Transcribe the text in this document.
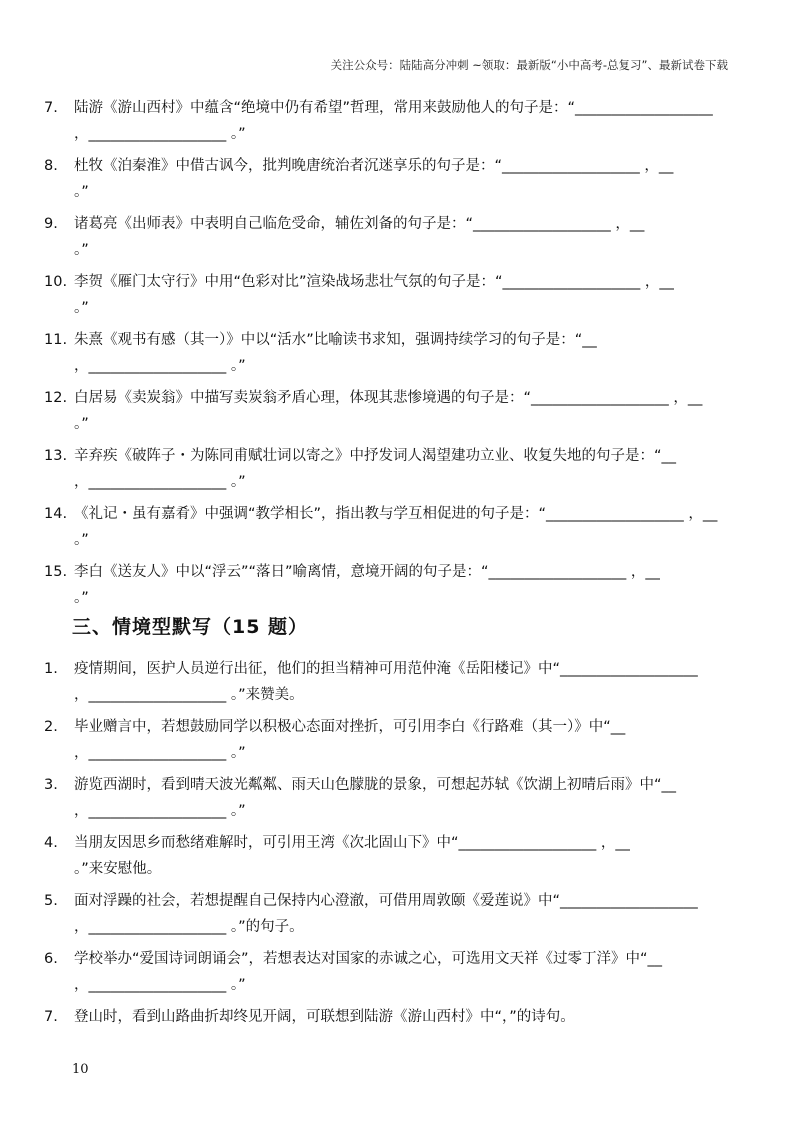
关注公众号：陆陆高分冲刺 ~领取：最新版“小中高考-总复习”、最新试卷下载
7.	陆游《游山西村》中蕴含“绝境中仍有希望”哲理，常用来鼓励他人的句子是：“___________________
，___________________ 。”
8.	杜牧《泊秦淮》中借古讽今，批判晚唐统治者沉迷享乐的句子是：“___________________ ，__
。”
9.	诸葛亮《出师表》中表明自己临危受命，辅佐刘备的句子是：“___________________ ，__
。”
10. 李贺《雁门太守行》中用“色彩对比”渲染战场悲壮气氛的句子是：“___________________ ，__
。”
11. 朱熹《观书有感（其一）》中以“活水”比喻读书求知，强调持续学习的句子是：“__
，___________________ 。”
12. 白居易《卖炭翁》中描写卖炭翁矛盾心理，体现其悲惨境遇的句子是：“___________________ ，__
。”
13. 辛弃疾《破阵子・为陈同甫赋壮词以寄之》中抒发词人渴望建功立业、收复失地的句子是：“__
，___________________ 。”
14. 《礼记・虽有嘉肴》中强调“教学相长”，指出教与学互相促进的句子是：“___________________ ，__
。”
15. 李白《送友人》中以“浮云”“落日”喻离情，意境开阔的句子是：“___________________ ，__
。”
三、情境型默写（15 题）
1.	疫情期间，医护人员逆行出征，他们的担当精神可用范仲淹《岳阳楼记》中“___________________
，___________________ 。”来赞美。
2.	毕业赠言中，若想鼓励同学以积极心态面对挫折，可引用李白《行路难（其一）》中“__
，___________________ 。”
3.	游览西湖时，看到晴天波光粼粼、雨天山色朦胧的景象，可想起苏轼《饮湖上初晴后雨》中“__
，___________________ 。”
4.	当朋友因思乡而愁绪难解时，可引用王湾《次北固山下》中“___________________ ，__
。”来安慰他。
5.	面对浮躁的社会，若想提醒自己保持内心澄澈，可借用周敦颐《爱莲说》中“___________________
，___________________ 。”的句子。
6.	学校举办“爱国诗词朗诵会”，若想表达对国家的赤诚之心，可选用文天祥《过零丁洋》中“__
，___________________ 。”
7.	登山时，看到山路曲折却终见开阔，可联想到陆游《游山西村》中“，”的诗句。
10
